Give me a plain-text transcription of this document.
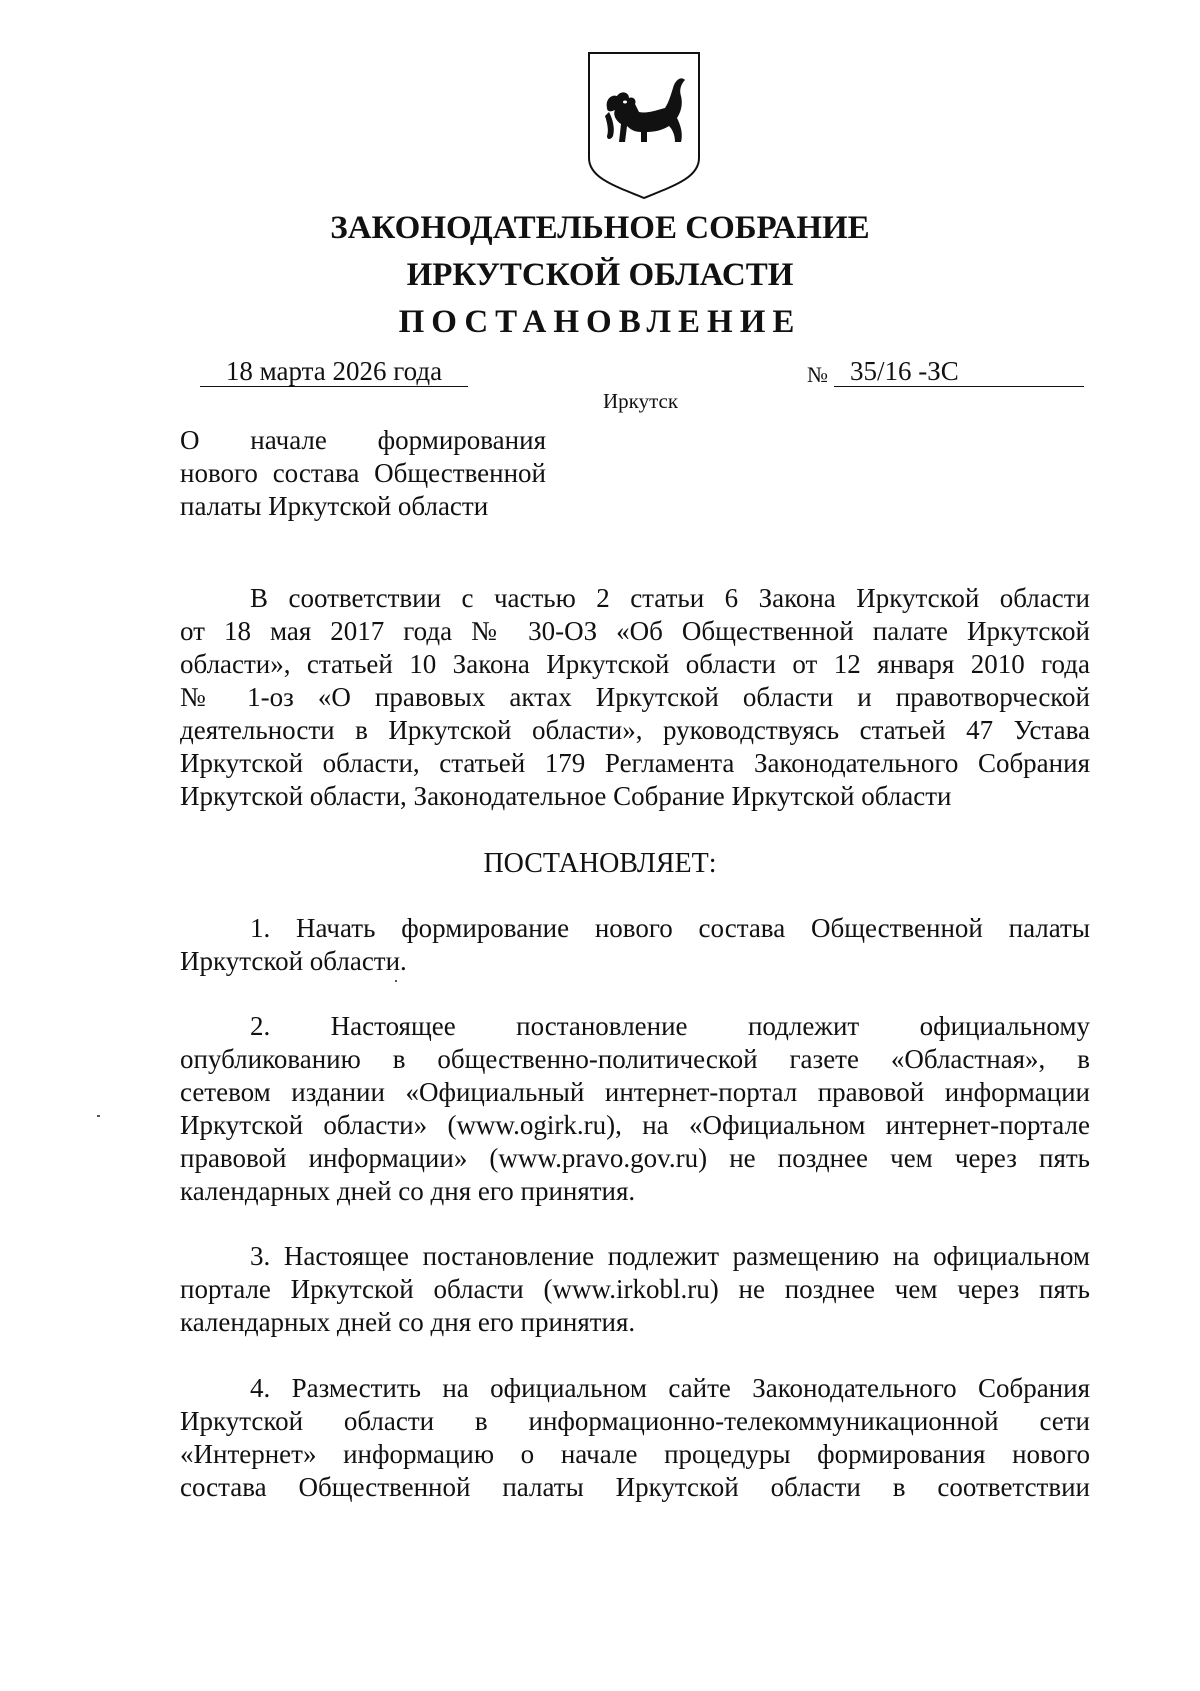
ЗАКОНОДАТЕЛЬНОЕ СОБРАНИЕ
ИРКУТСКОЙ ОБЛАСТИ
ПОСТАНОВЛЕНИЕ
18 марта 2026 года	№ 35/16 -ЗС
Иркутск
О начале формирования
нового состава Общественной
палаты Иркутской области
В соответствии с частью 2 статьи 6 Закона Иркутской области
от 18 мая 2017 года № 30-ОЗ «Об Общественной палате Иркутской
области», статьей 10 Закона Иркутской области от 12 января 2010 года
№ 1-оз «О правовых актах Иркутской области и правотворческой
деятельности в Иркутской области», руководствуясь статьей 47 Устава
Иркутской области, статьей 179 Регламента Законодательного Собрания
Иркутской области, Законодательное Собрание Иркутской области
ПОСТАНОВЛЯЕТ:
1. Начать формирование нового состава Общественной палаты
Иркутской области.
2. Настоящее постановление подлежит официальному
опубликованию в общественно-политической газете «Областная», в
сетевом издании «Официальный интернет-портал правовой информации
Иркутской области» (www.ogirk.ru), на «Официальном интернет-портале
правовой информации» (www.pravo.gov.ru) не позднее чем через пять
календарных дней со дня его принятия.
3. Настоящее постановление подлежит размещению на официальном
портале Иркутской области (www.irkobl.ru) не позднее чем через пять
календарных дней со дня его принятия.
4. Разместить на официальном сайте Законодательного Собрания
Иркутской области в информационно-телекоммуникационной сети
«Интернет» информацию о начале процедуры формирования нового
состава Общественной палаты Иркутской области в соответствии
